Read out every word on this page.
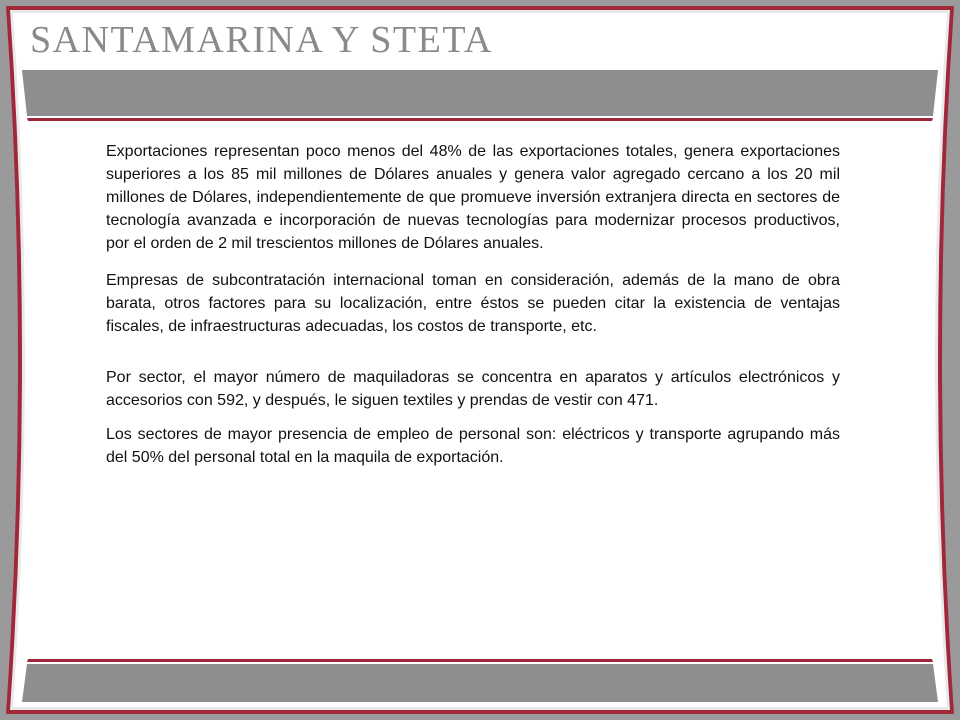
SANTAMARINA Y STETA

Exportaciones representan poco menos del 48% de las exportaciones totales, genera exportaciones superiores a los 85 mil millones de Dólares anuales y genera valor agregado cercano a los 20 mil millones de Dólares, independientemente de que promueve inversión extranjera directa en sectores de tecnología avanzada e incorporación de nuevas tecnologías para modernizar procesos productivos, por el orden de 2 mil trescientos millones de Dólares anuales.

Empresas de subcontratación internacional toman en consideración, además de la mano de obra barata, otros factores para su localización, entre éstos se pueden citar la existencia de ventajas fiscales, de infraestructuras adecuadas, los costos de transporte, etc.

Por sector, el mayor número de maquiladoras se concentra en aparatos y artículos electrónicos y accesorios con 592, y después, le siguen textiles y prendas de vestir con 471.

Los sectores de mayor presencia de empleo de personal son: eléctricos y transporte agrupando más del 50% del personal total en la maquila de exportación.
